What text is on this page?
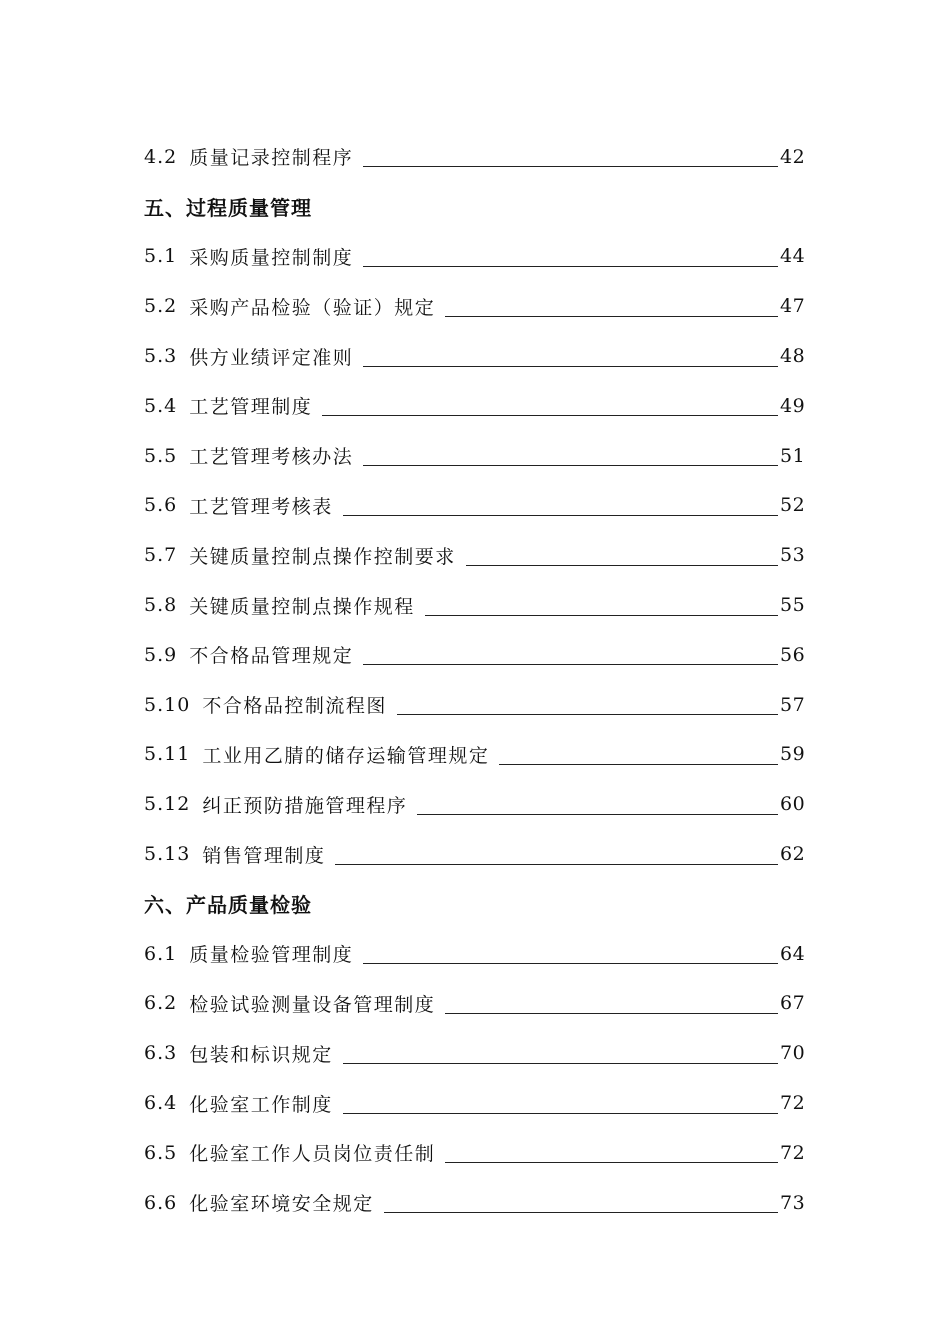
4.2 质量记录控制程序	42
五、过程质量管理
5.1 采购质量控制制度	44
5.2 采购产品检验（验证）规定	47
5.3 供方业绩评定准则	48
5.4 工艺管理制度	49
5.5 工艺管理考核办法	51
5.6 工艺管理考核表	52
5.7 关键质量控制点操作控制要求	53
5.8 关键质量控制点操作规程	55
5.9 不合格品管理规定	56
5.10 不合格品控制流程图	57
5.11 工业用乙腈的储存运输管理规定	59
5.12 纠正预防措施管理程序	60
5.13 销售管理制度	62
六、产品质量检验
6.1 质量检验管理制度	64
6.2 检验试验测量设备管理制度	67
6.3 包装和标识规定	70
6.4 化验室工作制度	72
6.5 化验室工作人员岗位责任制	72
6.6 化验室环境安全规定	73
